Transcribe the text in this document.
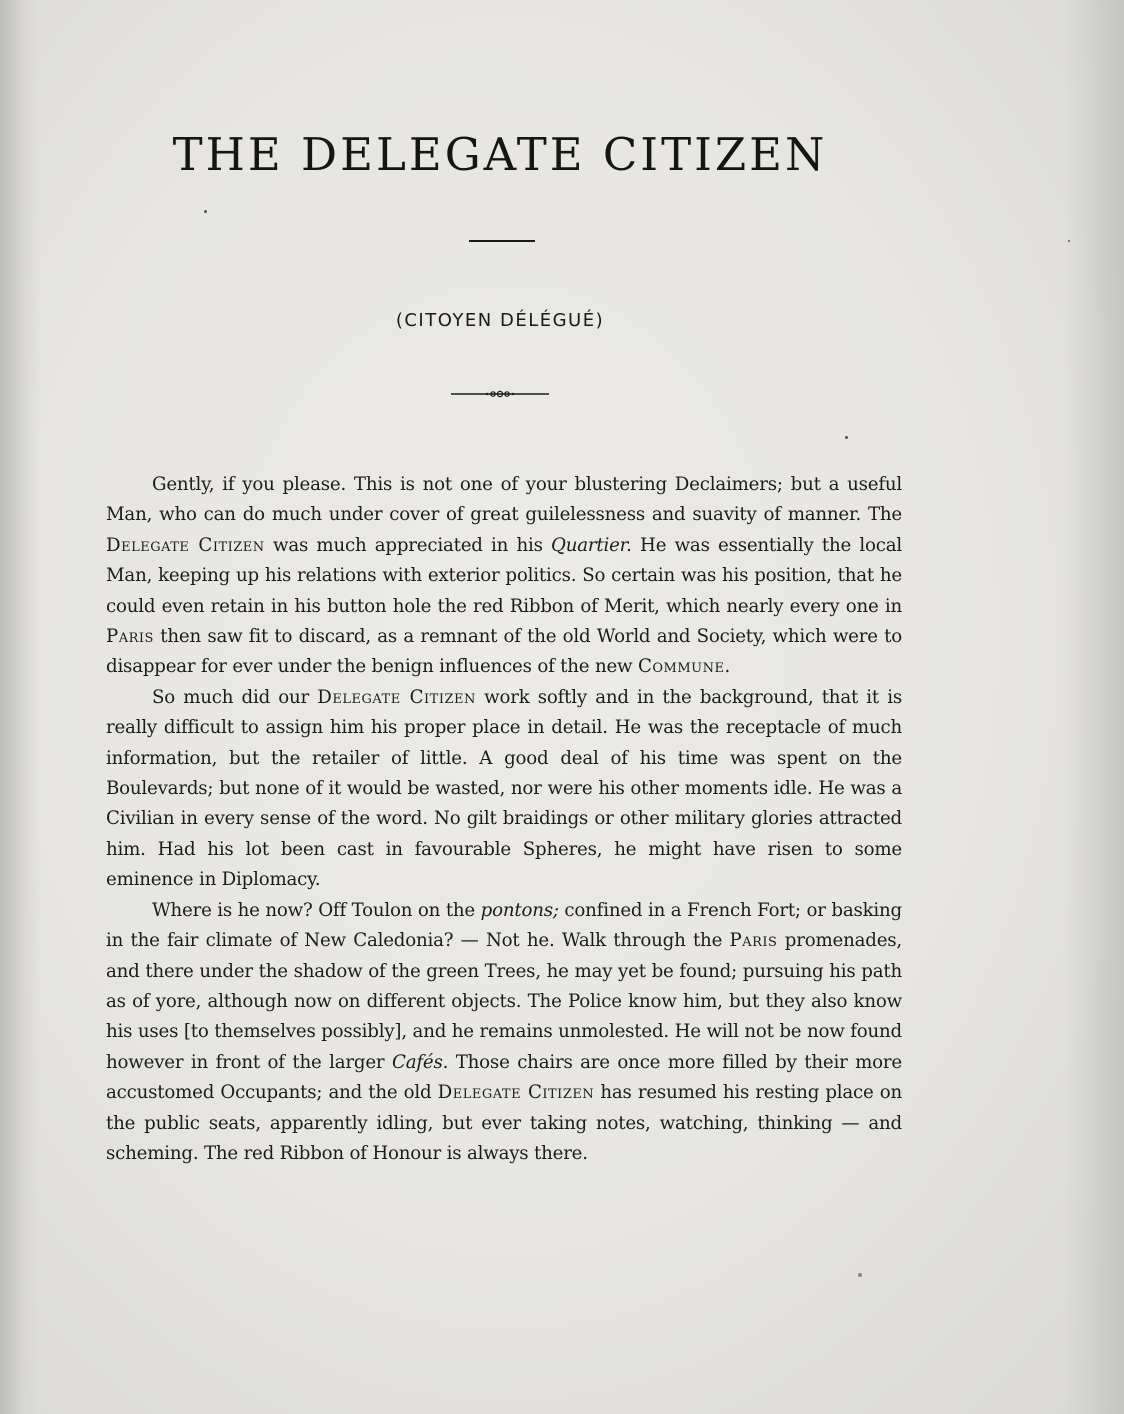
THE DELEGATE CITIZEN
(CITOYEN DÉLÉGUÉ)

Gently, if you please. This is not one of your blustering Declaimers; but a useful Man, who can do much under cover of great guilelessness and suavity of manner. The Delegate Citizen was much appreciated in his Quartier. He was essentially the local Man, keeping up his relations with exterior politics. So certain was his position, that he could even retain in his button hole the red Ribbon of Merit, which nearly every one in Paris then saw fit to discard, as a remnant of the old World and Society, which were to disappear for ever under the benign influences of the new Commune.

So much did our Delegate Citizen work softly and in the background, that it is really difficult to assign him his proper place in detail. He was the receptacle of much information, but the retailer of little. A good deal of his time was spent on the Boulevards; but none of it would be wasted, nor were his other moments idle. He was a Civilian in every sense of the word. No gilt braidings or other military glories attracted him. Had his lot been cast in favourable Spheres, he might have risen to some eminence in Diplomacy.

Where is he now? Off Toulon on the pontons; confined in a French Fort; or basking in the fair climate of New Caledonia? — Not he. Walk through the Paris promenades, and there under the shadow of the green Trees, he may yet be found; pursuing his path as of yore, although now on different objects. The Police know him, but they also know his uses [to themselves possibly], and he remains unmolested. He will not be now found however in front of the larger Cafés. Those chairs are once more filled by their more accustomed Occupants; and the old Delegate Citizen has resumed his resting place on the public seats, apparently idling, but ever taking notes, watching, thinking — and scheming. The red Ribbon of Honour is always there.
